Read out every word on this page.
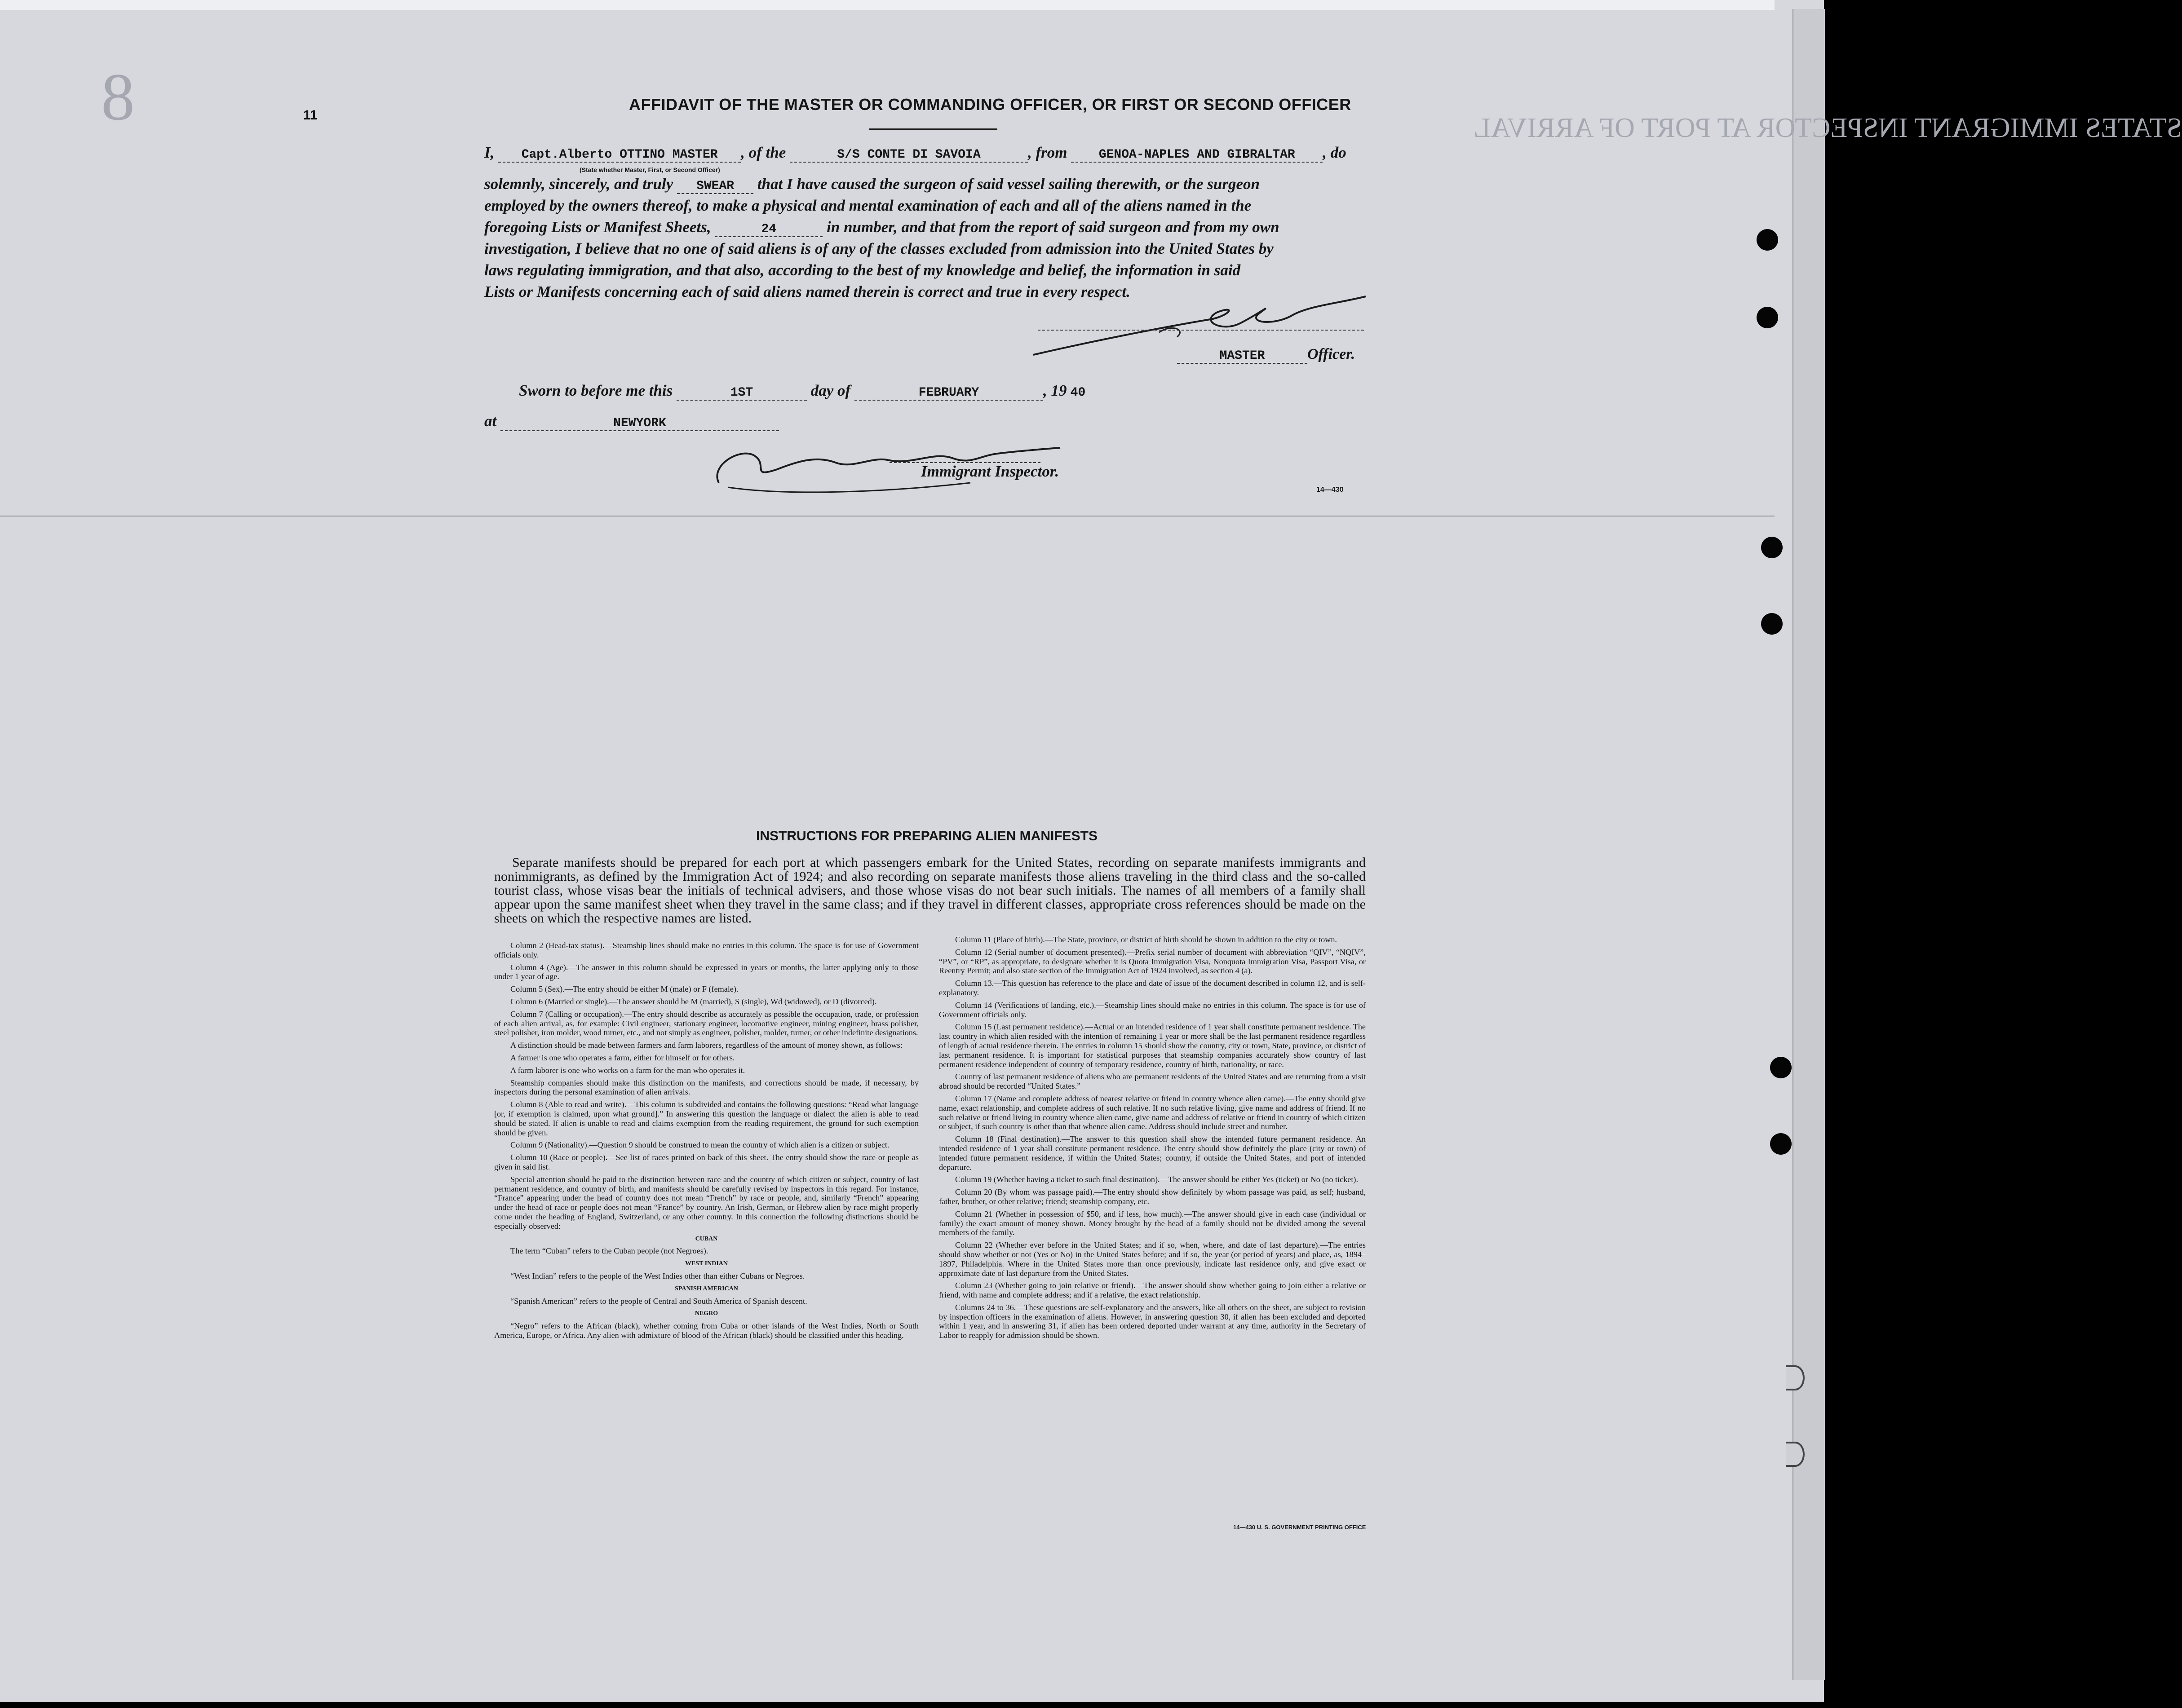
STATES IMMIGRANT INSPECTOR AT PORT OF ARRIVAL
8	11
AFFIDAVIT OF THE MASTER OR COMMANDING OFFICER, OR FIRST OR SECOND OFFICER
I, Capt.Alberto OTTINO MASTER , of the	S/S CONTE DI SAVOIA	, from	GENOA-NAPLES AND GIBRALTAR , do
(State whether Master, First, or Second Officer)
solemnly, sincerely, and truly SWEAR that I have caused the surgeon of said vessel sailing therewith, or the surgeon
employed by the owners thereof, to make a physical and mental examination of each and all of the aliens named in the
foregoing Lists or Manifest Sheets,	24	in number, and that from the report of said surgeon and from my own
investigation, I believe that no one of said aliens is of any of the classes excluded from admission into the United States by
laws regulating immigration, and that also, according to the best of my knowledge and belief, the information in said
Lists or Manifests concerning each of said aliens named therein is correct and true in every respect.
MASTER	Officer.
Sworn to before me this	1ST	day of	FEBRUARY	, 19 40
at	NEWYORK
Immigrant Inspector.
14—430
INSTRUCTIONS FOR PREPARING ALIEN MANIFESTS

Separate manifests should be prepared for each port at which passengers embark for the United States, recording on separate manifests immigrants and nonimmigrants, as defined by the Immigration Act of 1924; and also recording on separate manifests those aliens traveling in the third class and the so-called tourist class, whose visas bear the initials of technical advisers, and those whose visas do not bear such initials. The names of all members of a family shall appear upon the same manifest sheet when they travel in the same class; and if they travel in different classes, appropriate cross references should be made on the sheets on which the respective names are listed.

Column 2 (Head-tax status).—Steamship lines should make no entries in this column. The space is for use of Government officials only.

Column 4 (Age).—The answer in this column should be expressed in years or months, the latter applying only to those under 1 year of age.

Column 5 (Sex).—The entry should be either M (male) or F (female).

Column 6 (Married or single).—The answer should be M (married), S (single), Wd (widowed), or D (divorced).

Column 7 (Calling or occupation).—The entry should describe as accurately as possible the occupation, trade, or profession of each alien arrival, as, for example: Civil engineer, stationary engineer, locomotive engineer, mining engineer, brass polisher, steel polisher, iron molder, wood turner, etc., and not simply as engineer, polisher, molder, turner, or other indefinite designations.

A distinction should be made between farmers and farm laborers, regardless of the amount of money shown, as follows:

A farmer is one who operates a farm, either for himself or for others.

A farm laborer is one who works on a farm for the man who operates it.

Steamship companies should make this distinction on the manifests, and corrections should be made, if necessary, by inspectors during the personal examination of alien arrivals.

Column 8 (Able to read and write).—This column is subdivided and contains the following questions: “Read what language [or, if exemption is claimed, upon what ground].” In answering this question the language or dialect the alien is able to read should be stated. If alien is unable to read and claims exemption from the reading requirement, the ground for such exemption should be given.

Column 9 (Nationality).—Question 9 should be construed to mean the country of which alien is a citizen or subject.

Column 10 (Race or people).—See list of races printed on back of this sheet. The entry should show the race or people as given in said list.

Special attention should be paid to the distinction between race and the country of which citizen or subject, country of last permanent residence, and country of birth, and manifests should be carefully revised by inspectors in this regard. For instance, “France” appearing under the head of country does not mean “French” by race or people, and, similarly “French” appearing under the head of race or people does not mean “France” by country. An Irish, German, or Hebrew alien by race might properly come under the heading of England, Switzerland, or any other country. In this connection the following distinctions should be especially observed:

CUBAN

The term “Cuban” refers to the Cuban people (not Negroes).

WEST INDIAN

“West Indian” refers to the people of the West Indies other than either Cubans or Negroes.

SPANISH AMERICAN

“Spanish American” refers to the people of Central and South America of Spanish descent.

NEGRO

“Negro” refers to the African (black), whether coming from Cuba or other islands of the West Indies, North or South America, Europe, or Africa. Any alien with admixture of blood of the African (black) should be classified under this heading.

Column 11 (Place of birth).—The State, province, or district of birth should be shown in addition to the city or town.

Column 12 (Serial number of document presented).—Prefix serial number of document with abbreviation “QIV”, “NQIV”, “PV”, or “RP”, as appropriate, to designate whether it is Quota Immigration Visa, Nonquota Immigration Visa, Passport Visa, or Reentry Permit; and also state section of the Immigration Act of 1924 involved, as section 4 (a).

Column 13.—This question has reference to the place and date of issue of the document described in column 12, and is self-explanatory.

Column 14 (Verifications of landing, etc.).—Steamship lines should make no entries in this column. The space is for use of Government officials only.

Column 15 (Last permanent residence).—Actual or an intended residence of 1 year shall constitute permanent residence. The last country in which alien resided with the intention of remaining 1 year or more shall be the last permanent residence regardless of length of actual residence therein. The entries in column 15 should show the country, city or town, State, province, or district of last permanent residence. It is important for statistical purposes that steamship companies accurately show country of last permanent residence independent of country of temporary residence, country of birth, nationality, or race.

Country of last permanent residence of aliens who are permanent residents of the United States and are returning from a visit abroad should be recorded “United States.”

Column 17 (Name and complete address of nearest relative or friend in country whence alien came).—The entry should give name, exact relationship, and complete address of such relative. If no such relative living, give name and address of friend. If no such relative or friend living in country whence alien came, give name and address of relative or friend in country of which citizen or subject, if such country is other than that whence alien came. Address should include street and number.

Column 18 (Final destination).—The answer to this question shall show the intended future permanent residence. An intended residence of 1 year shall constitute permanent residence. The entry should show definitely the place (city or town) of intended future permanent residence, if within the United States; country, if outside the United States, and port of intended departure.

Column 19 (Whether having a ticket to such final destination).—The answer should be either Yes (ticket) or No (no ticket).

Column 20 (By whom was passage paid).—The entry should show definitely by whom passage was paid, as self; husband, father, brother, or other relative; friend; steamship company, etc.

Column 21 (Whether in possession of $50, and if less, how much).—The answer should give in each case (individual or family) the exact amount of money shown. Money brought by the head of a family should not be divided among the several members of the family.

Column 22 (Whether ever before in the United States; and if so, when, where, and date of last departure).—The entries should show whether or not (Yes or No) in the United States before; and if so, the year (or period of years) and place, as, 1894–1897, Philadelphia. Where in the United States more than once previously, indicate last residence only, and give exact or approximate date of last departure from the United States.

Column 23 (Whether going to join relative or friend).—The answer should show whether going to join either a relative or friend, with name and complete address; and if a relative, the exact relationship.

Columns 24 to 36.—These questions are self-explanatory and the answers, like all others on the sheet, are subject to revision by inspection officers in the examination of aliens. However, in answering question 30, if alien has been excluded and deported within 1 year, and in answering 31, if alien has been ordered deported under warrant at any time, authority in the Secretary of Labor to reapply for admission should be shown.

14—430 U. S. GOVERNMENT PRINTING OFFICE
